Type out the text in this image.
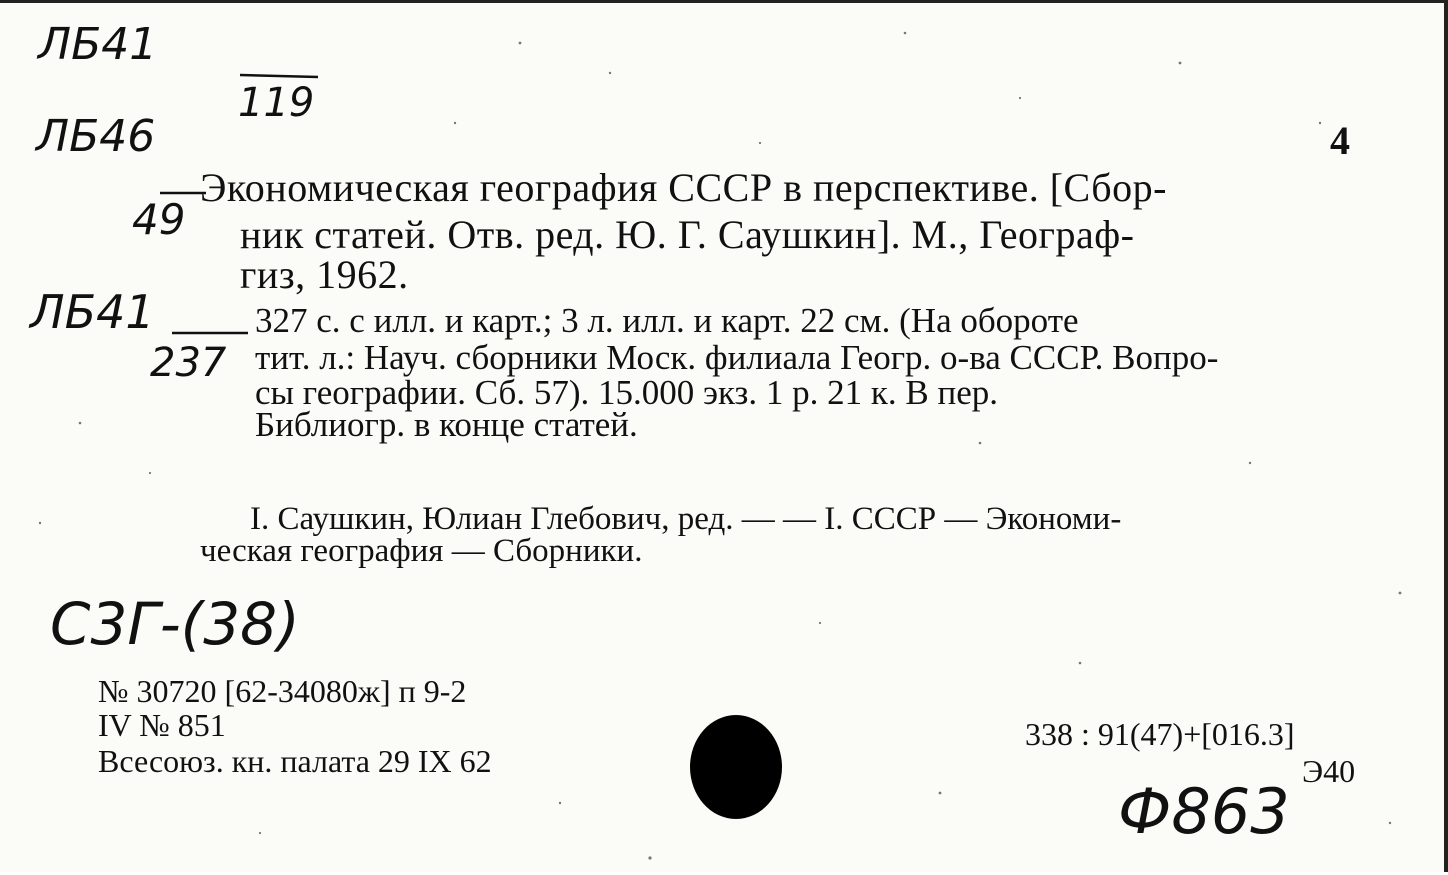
ЛБ41
119
ЛБ46
49
ЛБ41
237
С3Г-(38)
Ф863
4
Экономическая география СССР в перспективе. [Сбор-
ник статей. Отв. ред. Ю. Г. Саушкин]. М., Географ-
гиз, 1962.
327 с. с илл. и карт.; 3 л. илл. и карт. 22 см. (На обороте
тит. л.: Науч. сборники Моск. филиала Геогр. о-ва СССР. Вопро-
сы географии. Сб. 57). 15.000 экз. 1 р. 21 к. В пер.
Библиогр. в конце статей.
I. Саушкин, Юлиан Глебович, ред. — — I. СССР — Экономи-
ческая география — Сборники.
№ 30720 [62-34080ж] п 9-2
IV № 851
Всесоюз. кн. палата 29 IX 62
338 : 91(47)+[016.3]
Э40
